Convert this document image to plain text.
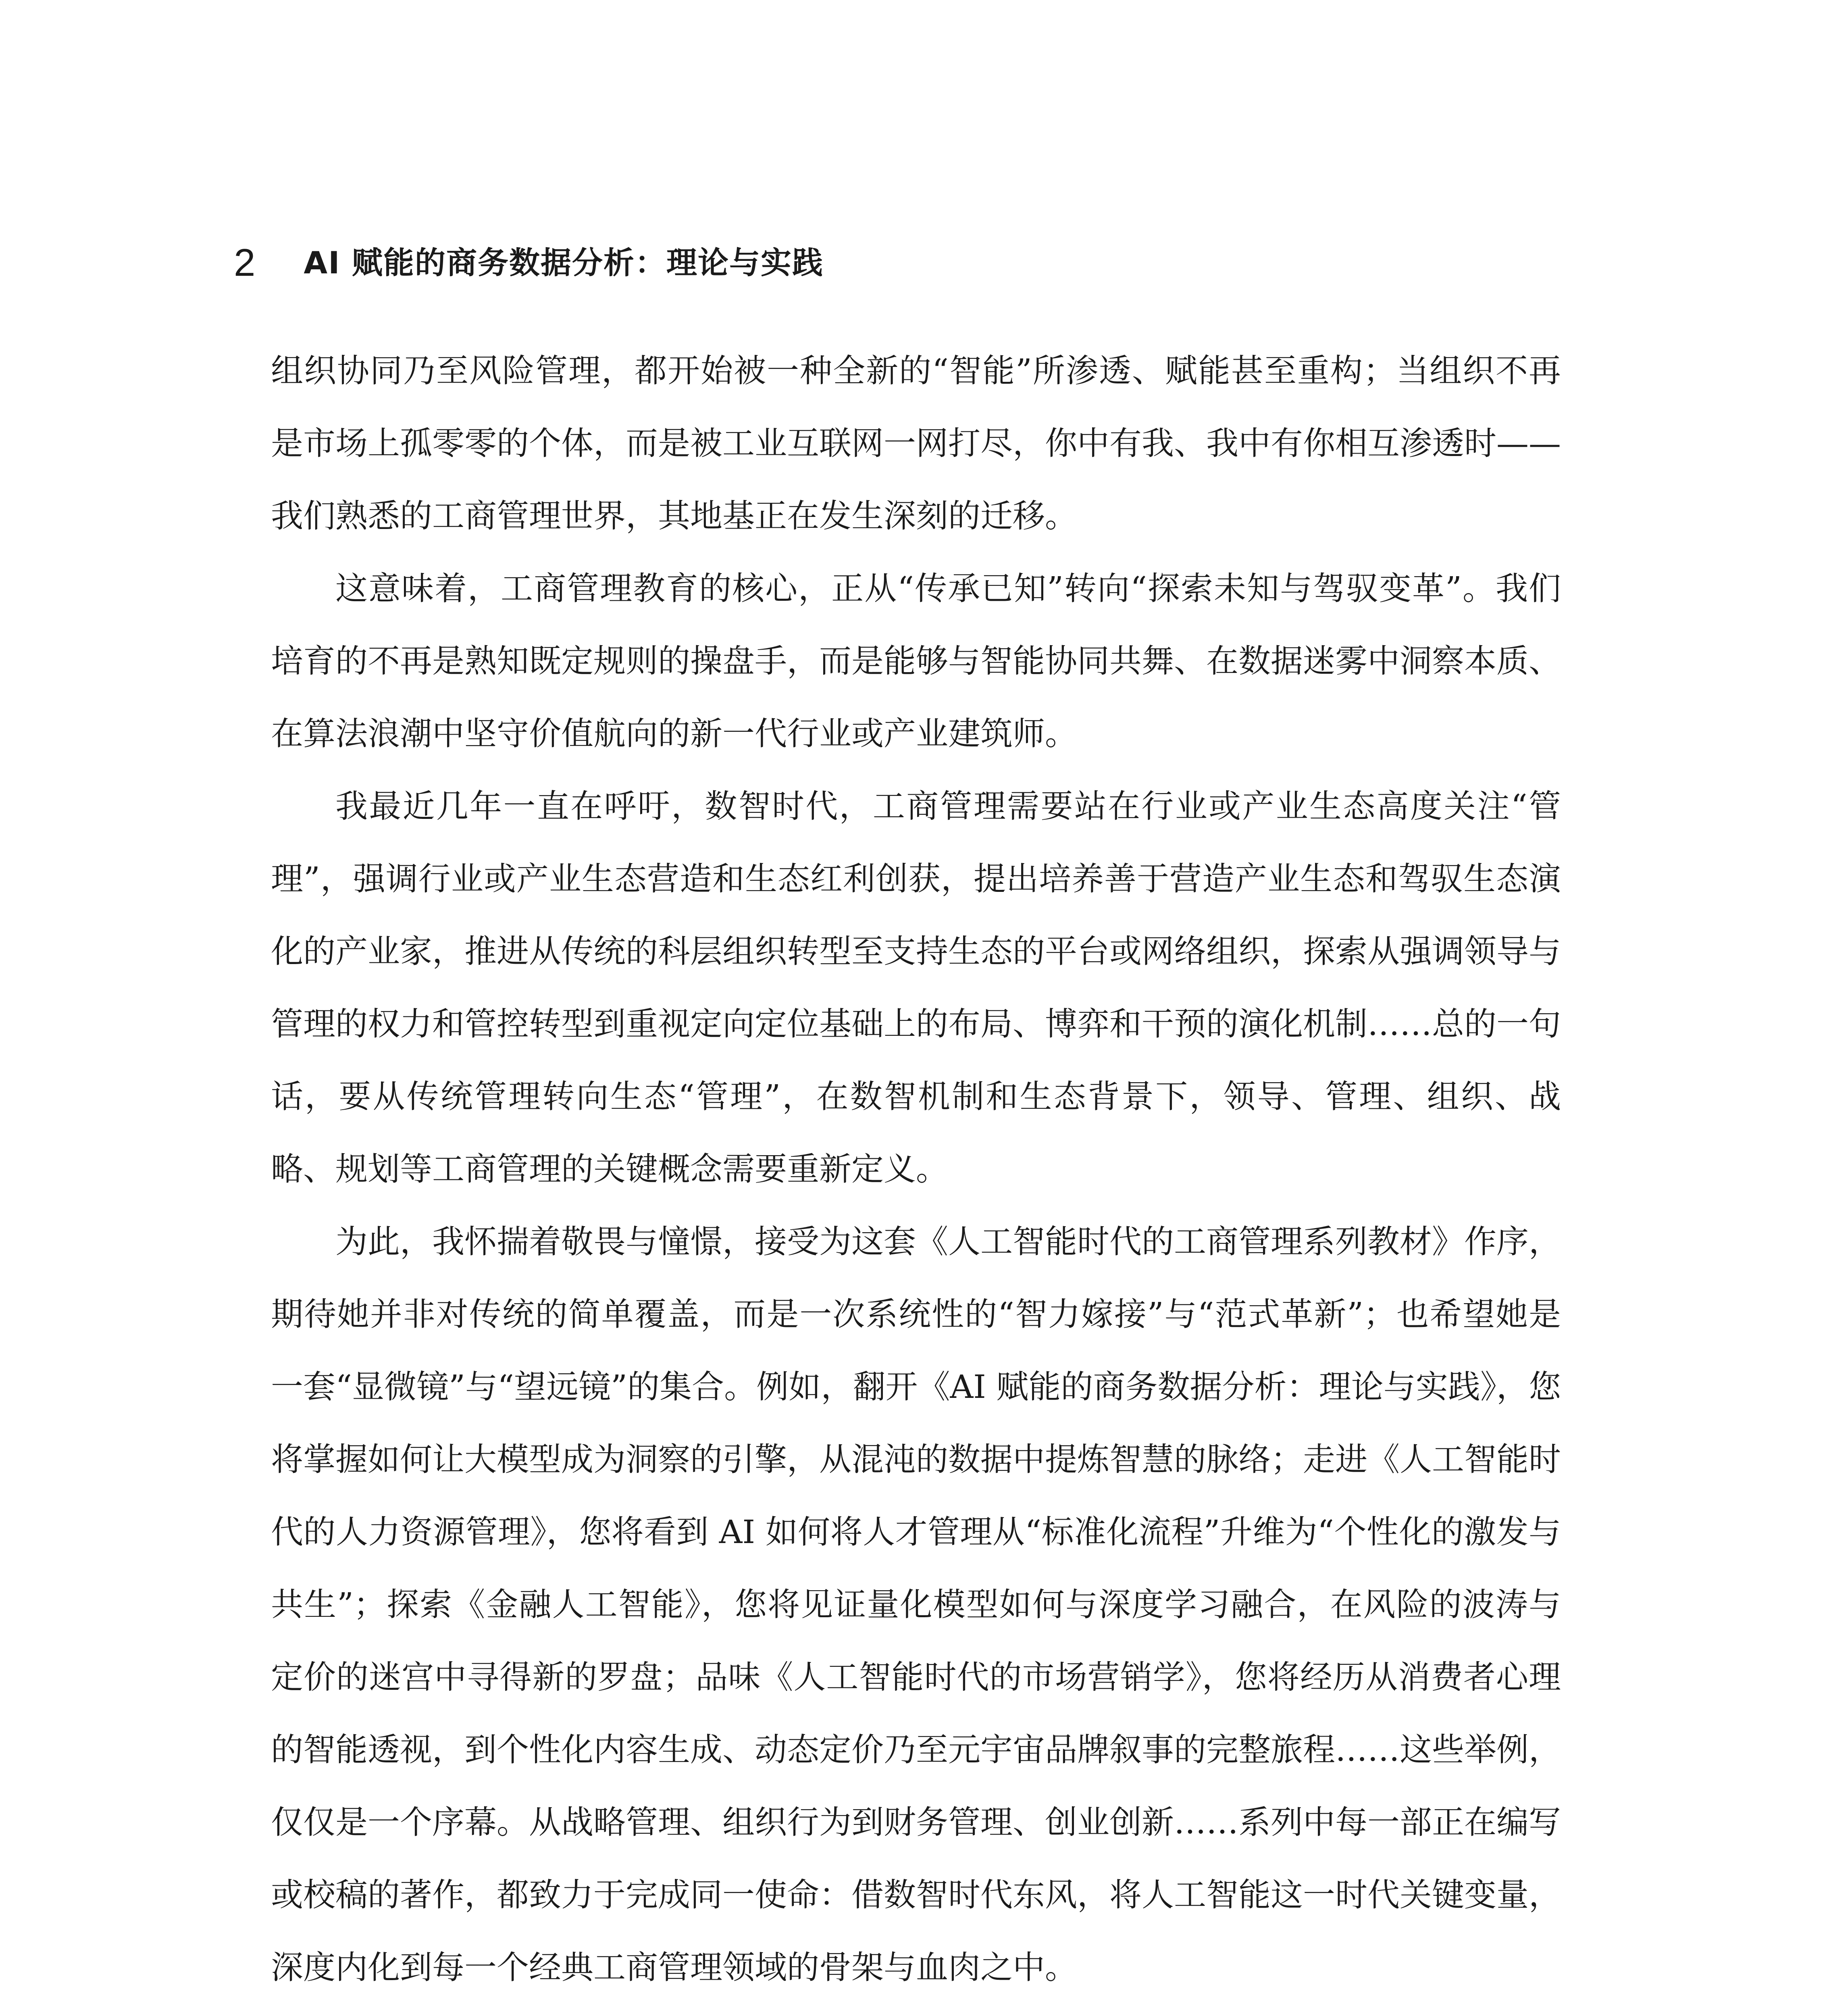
2 AI 赋能的商务数据分析：理论与实践

组织协同乃至风险管理，都开始被一种全新的“智能”所渗透、赋能甚至重构；当组织不再是市场上孤零零的个体，而是被工业互联网一网打尽，你中有我、我中有你相互渗透时——我们熟悉的工商管理世界，其地基正在发生深刻的迁移。

这意味着，工商管理教育的核心，正从“传承已知”转向“探索未知与驾驭变革”。我们培育的不再是熟知既定规则的操盘手，而是能够与智能协同共舞、在数据迷雾中洞察本质、在算法浪潮中坚守价值航向的新一代行业或产业建筑师。

我最近几年一直在呼吁，数智时代，工商管理需要站在行业或产业生态高度关注“管理”，强调行业或产业生态营造和生态红利创获，提出培养善于营造产业生态和驾驭生态演化的产业家，推进从传统的科层组织转型至支持生态的平台或网络组织，探索从强调领导与管理的权力和管控转型到重视定向定位基础上的布局、博弈和干预的演化机制……总的一句话，要从传统管理转向生态“管理”，在数智机制和生态背景下，领导、管理、组织、战略、规划等工商管理的关键概念需要重新定义。

为此，我怀揣着敬畏与憧憬，接受为这套《人工智能时代的工商管理系列教材》作序，期待她并非对传统的简单覆盖，而是一次系统性的“智力嫁接”与“范式革新”；也希望她是一套“显微镜”与“望远镜”的集合。例如，翻开《AI 赋能的商务数据分析：理论与实践》，您将掌握如何让大模型成为洞察的引擎，从混沌的数据中提炼智慧的脉络；走进《人工智能时代的人力资源管理》，您将看到 AI 如何将人才管理从“标准化流程”升维为“个性化的激发与共生”；探索《金融人工智能》，您将见证量化模型如何与深度学习融合，在风险的波涛与定价的迷宫中寻得新的罗盘；品味《人工智能时代的市场营销学》，您将经历从消费者心理的智能透视，到个性化内容生成、动态定价乃至元宇宙品牌叙事的完整旅程……这些举例，仅仅是一个序幕。从战略管理、组织行为到财务管理、创业创新……系列中每一部正在编写或校稿的著作，都致力于完成同一使命：借数智时代东风，将人工智能这一时代关键变量，深度内化到每一个经典工商管理领域的骨架与血肉之中。
